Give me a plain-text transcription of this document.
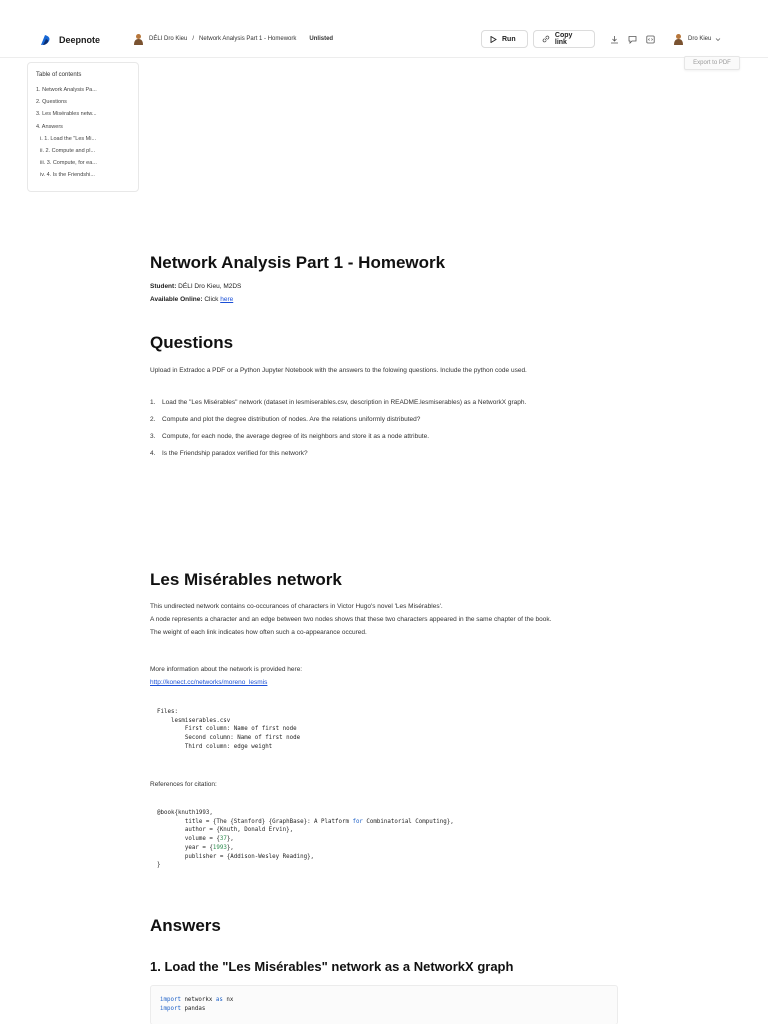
Deepnote	DÉLI Dro Kieu / Network Analysis Part 1 - Homework Unlisted	Run	Copy link	Dro Kieu
Export to PDF
Table of contents
1. Network Analysis Pa...
2. Questions
3. Les Misérables netw...
4. Answers
i. 1. Load the "Les Mi...
ii. 2. Compute and pl...
iii. 3. Compute, for ea...
iv. 4. Is the Friendshi...
Network Analysis Part 1 - Homework
Student: DÉLI Dro Kieu, M2DS
Available Online: Click here
Questions
Upload in Extradoc a PDF or a Python Jupyter Notebook with the answers to the folowing questions. Include the python code used.
1.	Load the "Les Misérables" network (dataset in lesmiserables.csv, description in README.lesmiserables) as a NetworkX graph.
2.	Compute and plot the degree distribution of nodes. Are the relations uniformly distributed?
3.	Compute, for each node, the average degree of its neighbors and store it as a node attribute.
4.	Is the Friendship paradox verified for this network?
Les Misérables network
This undirected network contains co-occurances of characters in Victor Hugo's novel 'Les Misérables'.
A node represents a character and an edge between two nodes shows that these two characters appeared in the same chapter of the book.
The weight of each link indicates how often such a co-appearance occured.
More information about the network is provided here:
http://konect.cc/networks/moreno_lesmis
Files:
lesmiserables.csv
First column: Name of first node
Second column: Name of first node
Third column: edge weight
References for citation:
@book{knuth1993,
title = {The {Stanford} {GraphBase}: A Platform for Combinatorial Computing},
author = {Knuth, Donald Ervin},
volume = {37},
year = {1993},
publisher = {Addison-Wesley Reading},
}
Answers
1. Load the "Les Misérables" network as a NetworkX graph
import networkx as nx
import pandas
